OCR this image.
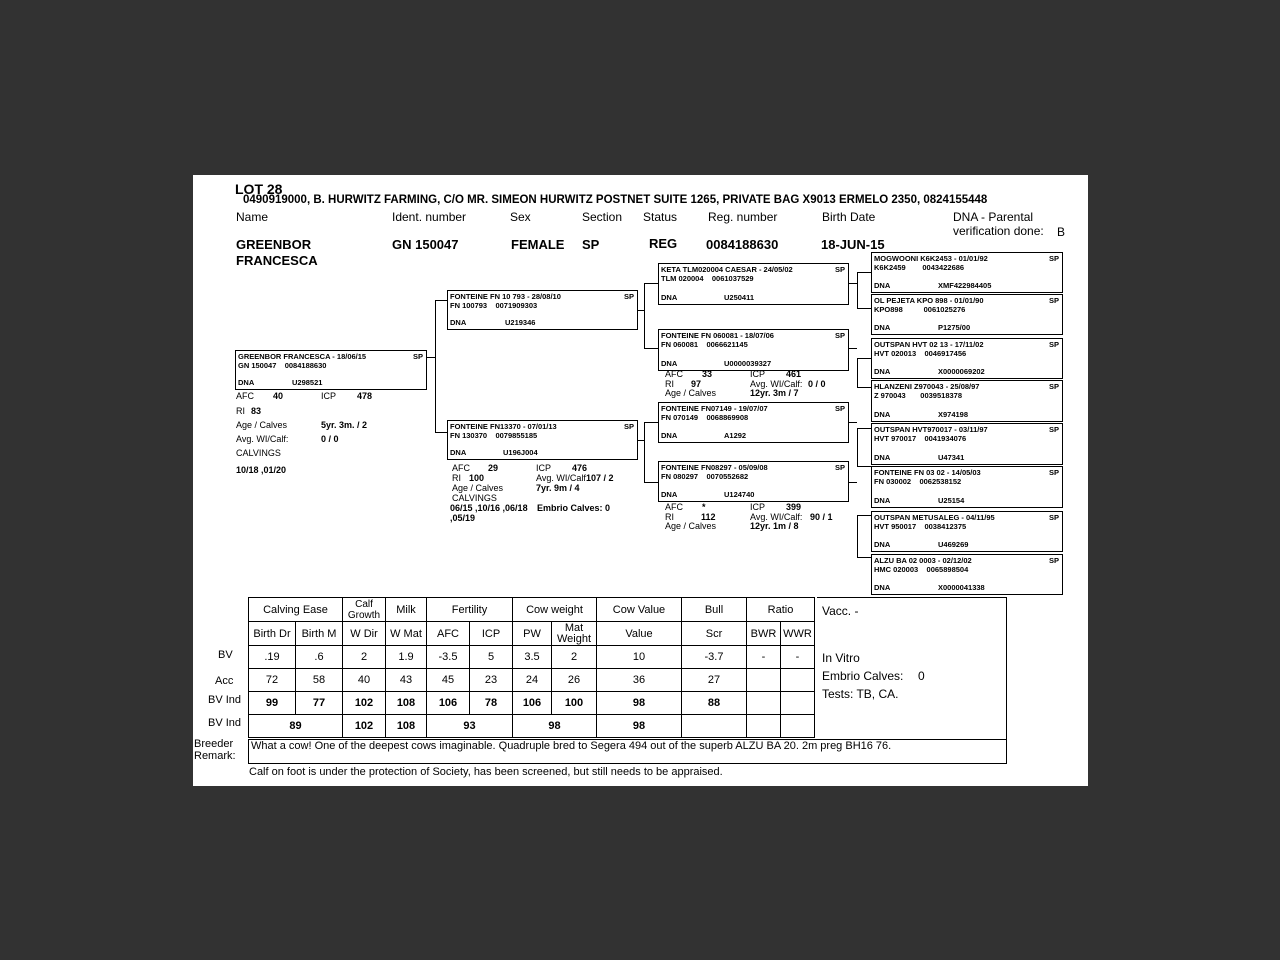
LOT 28
0490919000, B. HURWITZ FARMING, C/O MR. SIMEON HURWITZ POSTNET SUITE 1265, PRIVATE BAG X9013 ERMELO 2350, 0824155448
Name	Ident. number	Sex	Section Status	Reg. number	Birth Date	DNA - Parental
verification done: B
GREENBOR
FRANCESCA
GN 150047	FEMALE SP	REG 0084188630	18-JUN-15
GREENBOR FRANCESCA - 18/06/15	SP
GN 150047 0084188630
DNA	U298521
FONTEINE FN 10 793 - 28/08/10	SP
FN 100793 0071909303
DNA	U219346
FONTEINE FN13370 - 07/01/13	SP
FN 130370 0079855185
DNA	U196J004
KETA TLM020004 CAESAR - 24/05/02	SP
TLM 020004 0061037529
DNA	U250411
FONTEINE FN 060081 - 18/07/06	SP
FN 060081 0066621145
DNA	U0000039327
FONTEINE FN07149 - 19/07/07	SP
FN 070149 0068869908
DNA	A1292
FONTEINE FN08297 - 05/09/08	SP
FN 080297 0070552682
DNA	U124740
MOGWOONI K6K2453 - 01/01/92	SP
K6K2459 0043422686
DNA	XMF422984405
OL PEJETA KPO 898 - 01/01/90	SP
KPO898	0061025276
DNA	P1275/00
OUTSPAN HVT 02 13 - 17/11/02	SP
HVT 020013 0046917456
DNA	X0000069202
HLANZENI Z970043 - 25/08/97	SP
Z 970043 0039518378
DNA	X974198
OUTSPAN HVT970017 - 03/11/97	SP
HVT 970017 0041934076
DNA	U47341
FONTEINE FN 03 02 - 14/05/03	SP
FN 030002 0062538152
DNA	U25154
OUTSPAN METUSALEG - 04/11/95	SP
HVT 950017 0038412375
DNA	U469269
ALZU BA 02 0003 - 02/12/02	SP
HMC 020003 0065898504
DNA	X0000041338
AFC 40	ICP 478
RI 83
Age / Calves	5yr. 3m. / 2
Avg. WI/Calf:	0 / 0
CALVINGS
10/18 ,01/20	AFC 29	ICP 476
RI 100	Avg. WI/Calf 107 / 2
Age / Calves	7yr. 9m / 4
CALVINGS
06/15 ,10/16 ,06/18
,05/19
Embrio Calves: 0
AFC 33	ICP 461
RI 97	Avg. WI/Calf: 0 / 0
Age / Calves	12yr. 3m / 7
AFC *	ICP 399
RI	112	Avg. WI/Calf: 90 / 1
Age / Calves	12yr. 1m / 8
BV
Acc
BV Ind
BV Ind
Calving Ease		Calf Growth	Milk	Fertility		Cow weight		Cow Value	Bull	Ratio	
Birth Dr	Birth M	W Dir	W Mat	AFC	ICP	PW	Mat Weight	Value	Scr	BWR	WWR
.19	.6	2	1.9	-3.5	5	3.5	2	10	-3.7	-	-
72	58	40	43	45	23	24	26	36	27		
99	77	102	108	106	78	106	100	98	88		
89		102	108	93		98		98			
Vacc. -
In Vitro
Embrio Calves: 0
Tests: TB, CA.
Breeder
Remark:
What a cow! One of the deepest cows imaginable. Quadruple bred to Segera 494 out of the superb ALZU BA 20. 2m preg BH16 76.
Calf on foot is under the protection of Society, has been screened, but still needs to be appraised.
